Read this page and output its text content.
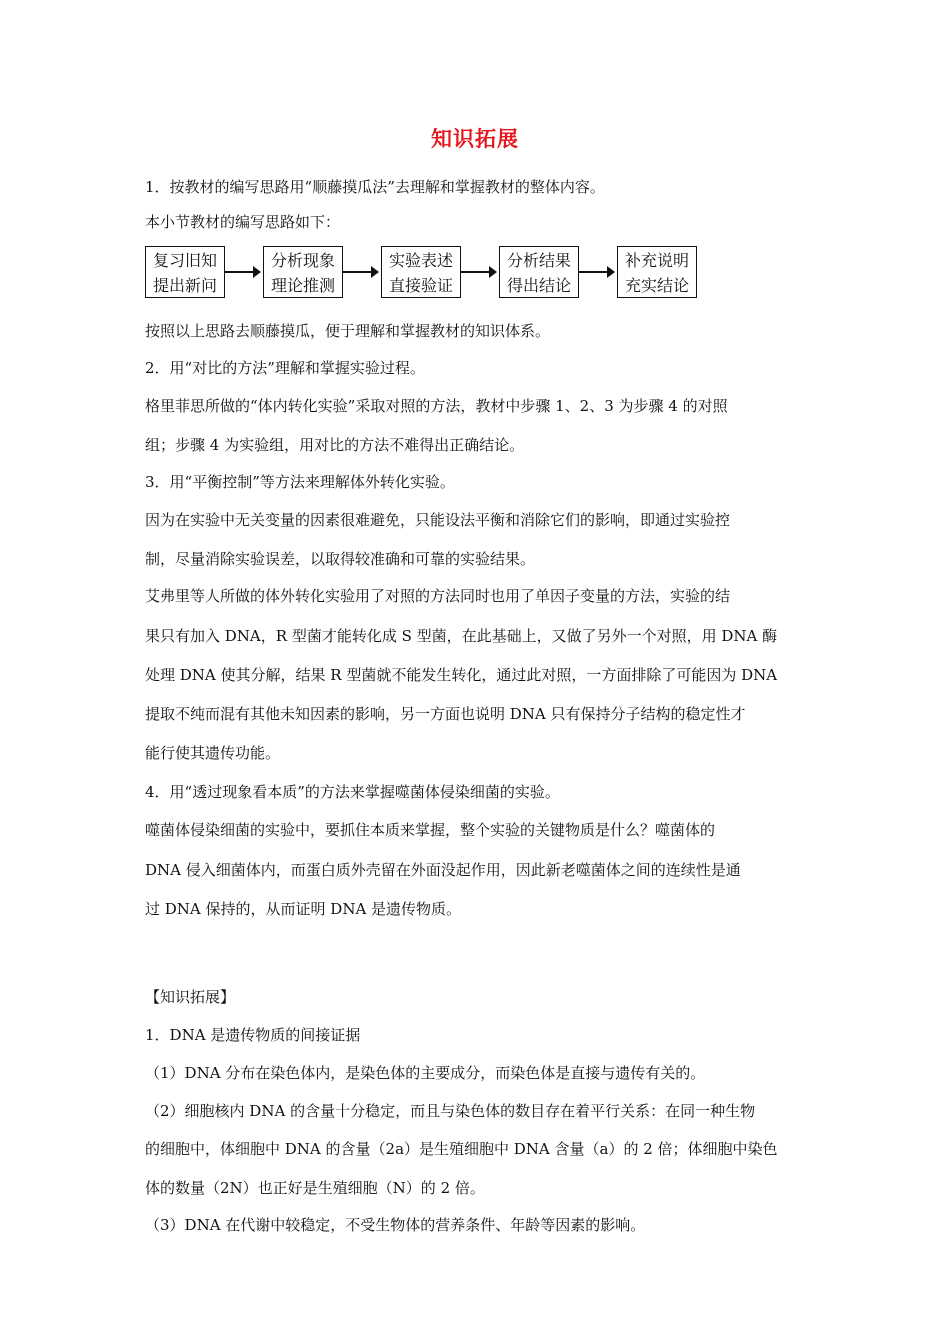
知识拓展
1．按教材的编写思路用“顺藤摸瓜法”去理解和掌握教材的整体内容。
本小节教材的编写思路如下：
复习旧知
提出新问
分析现象
理论推测
实验表述
直接验证
分析结果
得出结论
补充说明
充实结论
按照以上思路去顺藤摸瓜，便于理解和掌握教材的知识体系。
2．用“对比的方法”理解和掌握实验过程。
格里菲思所做的“体内转化实验”采取对照的方法，教材中步骤 1、2、3 为步骤 4 的对照
组；步骤 4 为实验组，用对比的方法不难得出正确结论。
3．用“平衡控制”等方法来理解体外转化实验。
因为在实验中无关变量的因素很难避免，只能设法平衡和消除它们的影响，即通过实验控
制，尽量消除实验误差，以取得较准确和可靠的实验结果。
艾弗里等人所做的体外转化实验用了对照的方法同时也用了单因子变量的方法，实验的结
果只有加入 DNA，R 型菌才能转化成 S 型菌，在此基础上，又做了另外一个对照，用 DNA 酶
处理 DNA 使其分解，结果 R 型菌就不能发生转化，通过此对照，一方面排除了可能因为 DNA
提取不纯而混有其他未知因素的影响，另一方面也说明 DNA 只有保持分子结构的稳定性才
能行使其遗传功能。
4．用“透过现象看本质”的方法来掌握噬菌体侵染细菌的实验。
噬菌体侵染细菌的实验中，要抓住本质来掌握，整个实验的关键物质是什么？噬菌体的
DNA 侵入细菌体内，而蛋白质外壳留在外面没起作用，因此新老噬菌体之间的连续性是通
过 DNA 保持的，从而证明 DNA 是遗传物质。
【知识拓展】
1．DNA 是遗传物质的间接证据
（1）DNA 分布在染色体内，是染色体的主要成分，而染色体是直接与遗传有关的。
（2）细胞核内 DNA 的含量十分稳定，而且与染色体的数目存在着平行关系：在同一种生物
的细胞中，体细胞中 DNA 的含量（2a）是生殖细胞中 DNA 含量（a）的 2 倍；体细胞中染色
体的数量（2N）也正好是生殖细胞（N）的 2 倍。
（3）DNA 在代谢中较稳定，不受生物体的营养条件、年龄等因素的影响。
